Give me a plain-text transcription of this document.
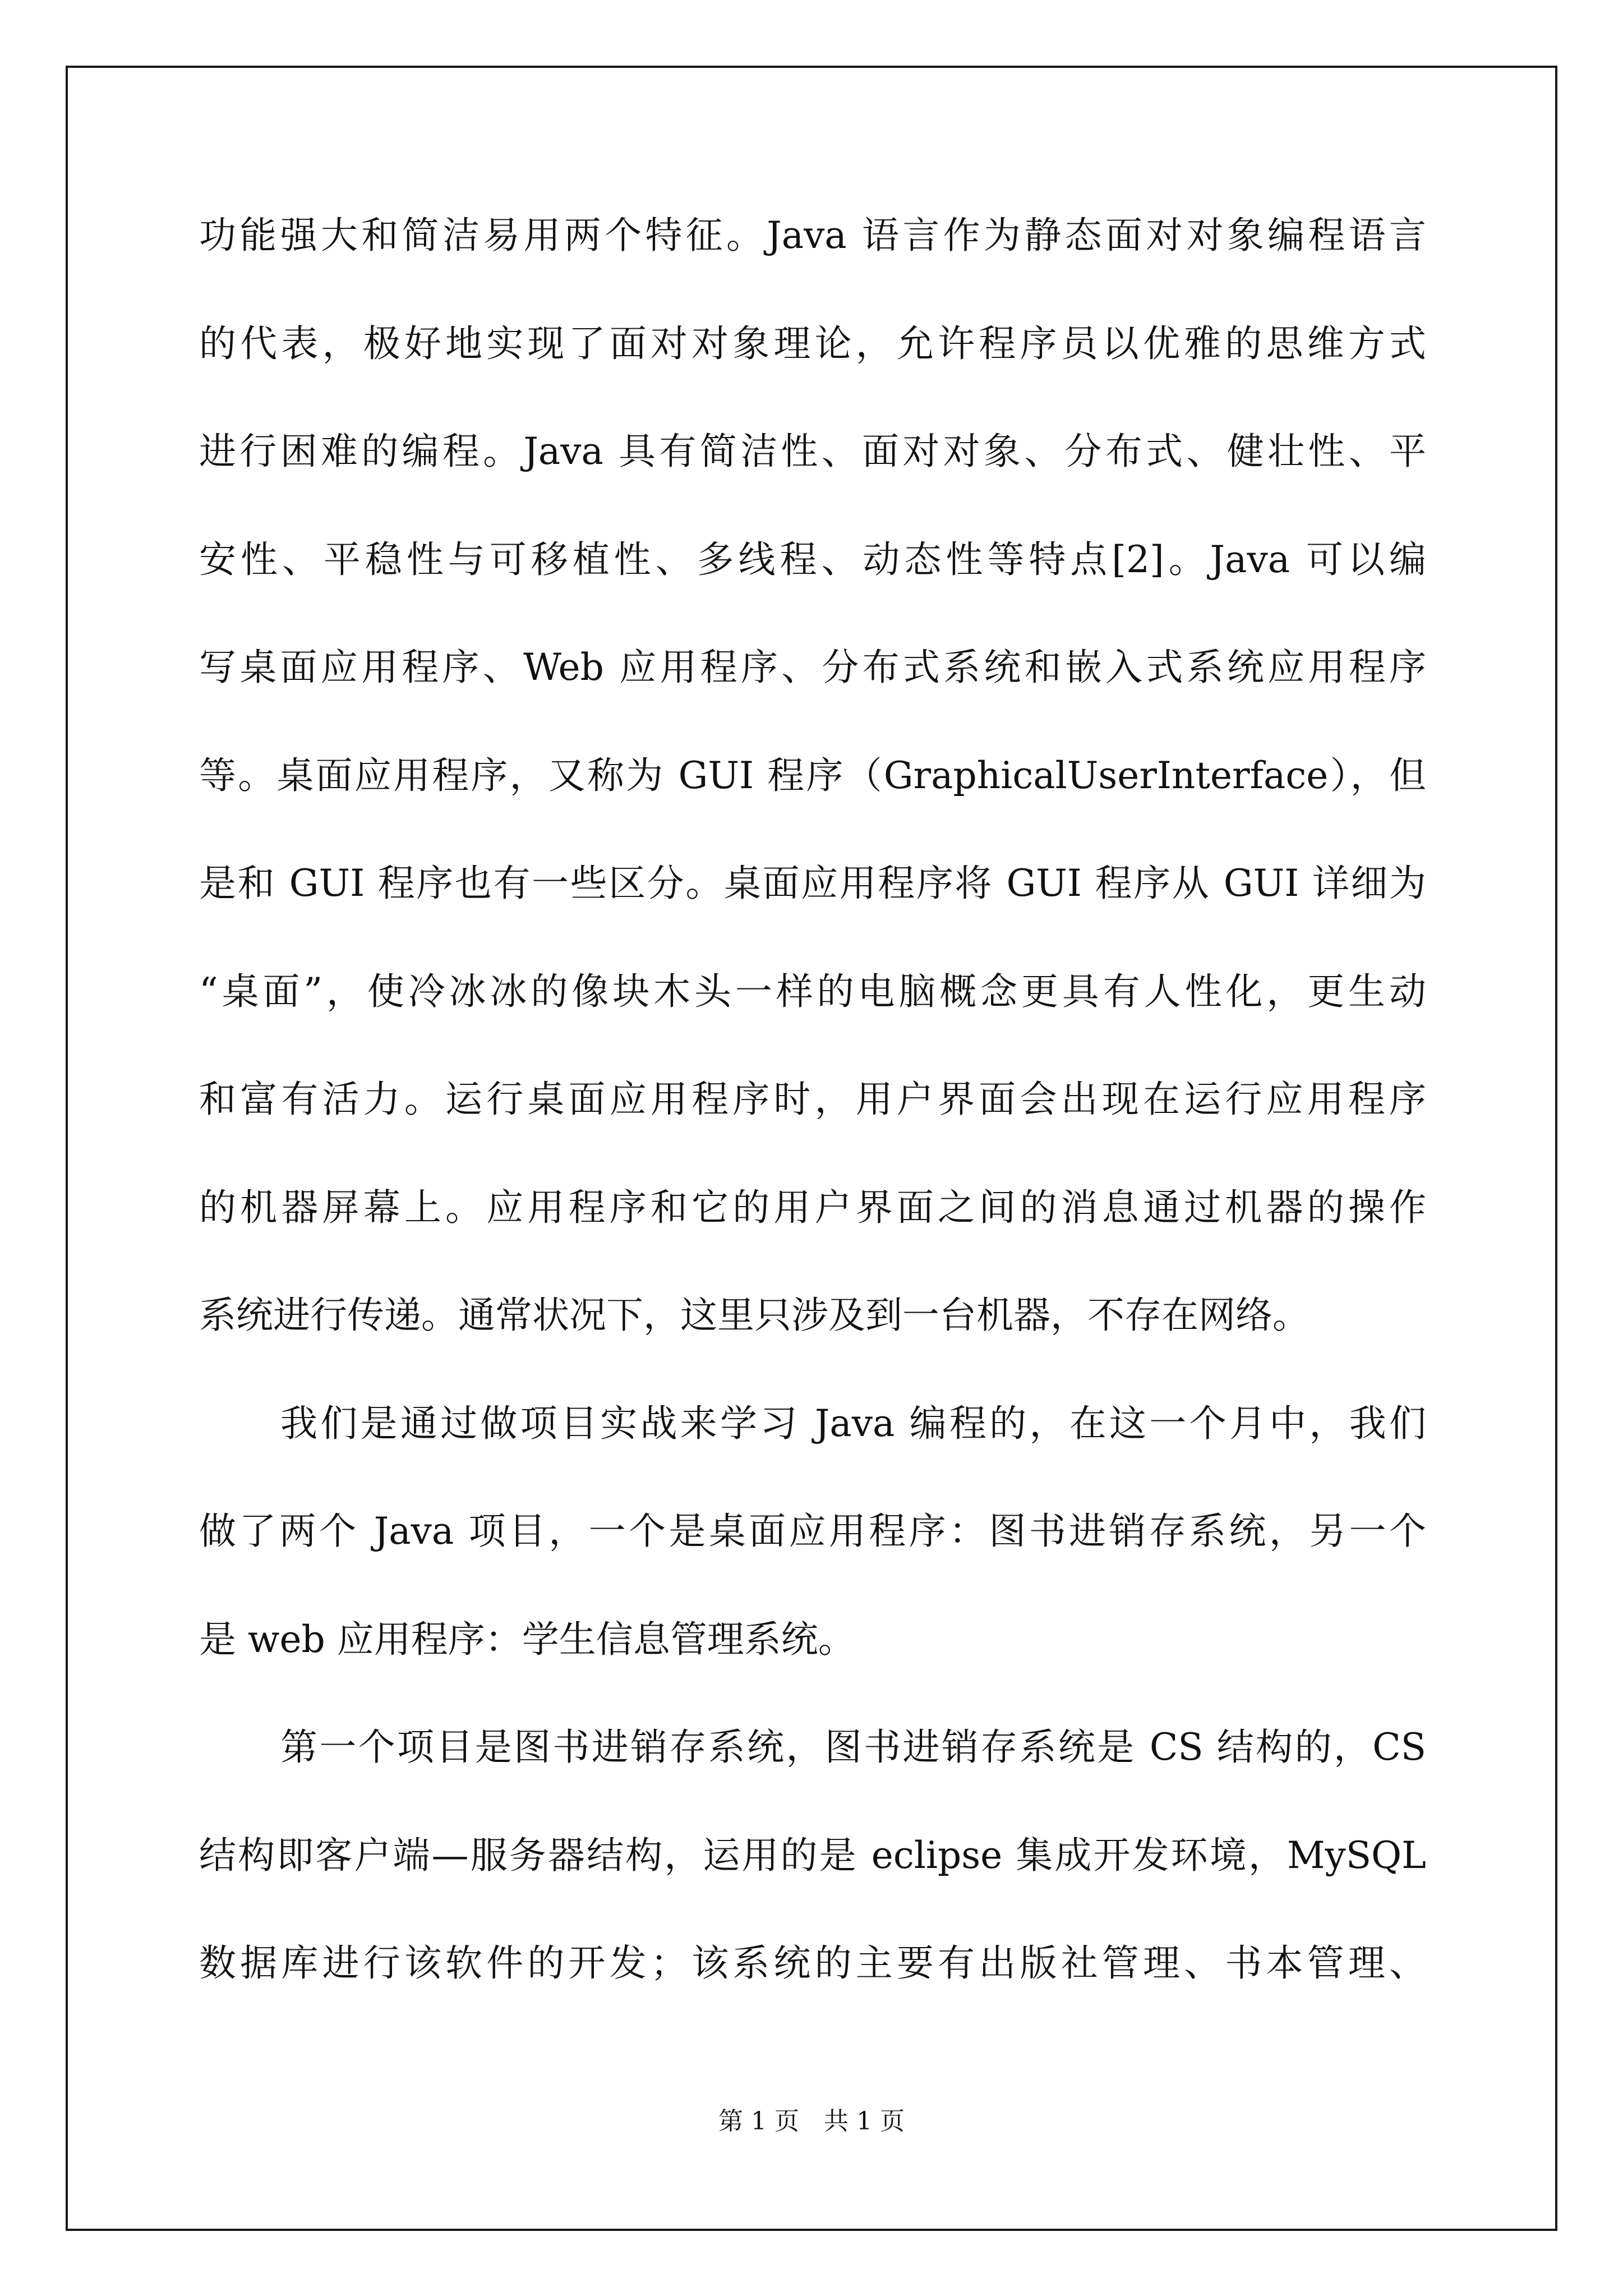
功能强大和简洁易用两个特征。Java 语言作为静态面对对象编程语言
的代表，极好地实现了面对对象理论，允许程序员以优雅的思维方式
进行困难的编程。Java 具有简洁性、面对对象、分布式、健壮性、平
安性、平稳性与可移植性、多线程、动态性等特点[2]。Java 可以编
写桌面应用程序、Web 应用程序、分布式系统和嵌入式系统应用程序
等。桌面应用程序，又称为 GUI 程序（GraphicalUserInterface），但
是和 GUI 程序也有一些区分。桌面应用程序将 GUI 程序从 GUI 详细为
“桌面”，使冷冰冰的像块木头一样的电脑概念更具有人性化，更生动
和富有活力。运行桌面应用程序时，用户界面会出现在运行应用程序
的机器屏幕上。应用程序和它的用户界面之间的消息通过机器的操作
系统进行传递。通常状况下，这里只涉及到一台机器，不存在网络。
我们是通过做项目实战来学习 Java 编程的，在这一个月中，我们
做了两个 Java 项目，一个是桌面应用程序：图书进销存系统，另一个
是 web 应用程序：学生信息管理系统。
第一个项目是图书进销存系统，图书进销存系统是 CS 结构的，CS
结构即客户端—服务器结构，运用的是 eclipse 集成开发环境，MySQL
数据库进行该软件的开发；该系统的主要有出版社管理、书本管理、
第 1 页　共 1 页
